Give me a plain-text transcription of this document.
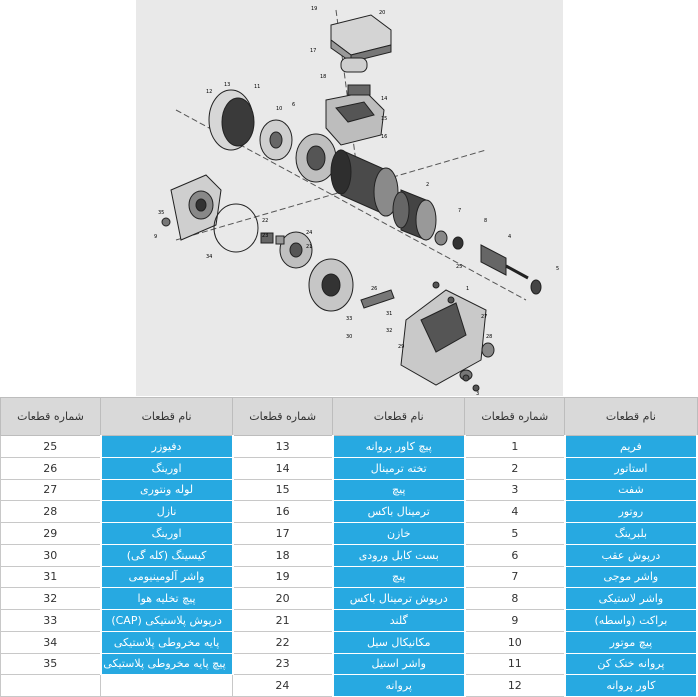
19
20
17
18
14
15
16
12
11
13
10
6
2
7
8
4
5
9
35
34
22
23	24
21
33
30
26
25
31
32
29
27
28
1
3
شماره قطعات	نام قطعات	شماره قطعات	نام قطعات	شماره قطعات	نام قطعات
25	دفیوزر	13	پیچ کاور پروانه	1	فریم
26	اورینگ	14	تخته ترمینال	2	استاتور
27	لوله ونتوری	15	پیچ	3	شفت
28	نازل	16	ترمینال باکس	4	روتور
29	اورینگ	17	خازن	5	بلبرینگ
30	کیسینگ (کله گی)	18	بست کابل ورودی	6	درپوش عقب
31	واشر آلومینیومی	19	پیچ	7	واشر موجی
32	پیچ تخلیه هوا	20	درپوش ترمینال باکس	8	واشر لاستیکی
33	درپوش پلاستیکی (CAP)	21	گلند	9	براکت (واسطه)
34	پایه مخروطی پلاستیکی	22	مکانیکال سیل	10	پیچ موتور
35	پیچ پایه مخروطی پلاستیکی	23	واشر استیل	11	پروانه خنک کن
		24	پروانه	12	کاور پروانه
